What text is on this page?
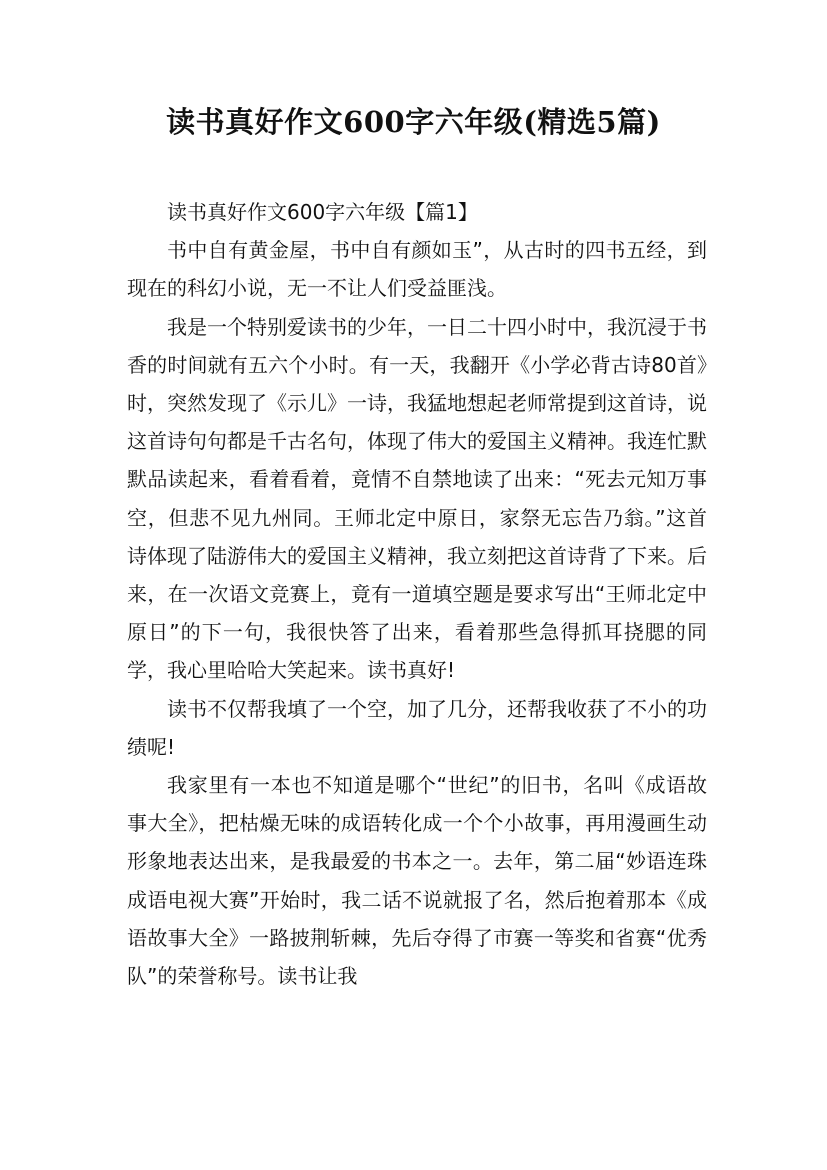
读书真好作文600字六年级(精选5篇)

读书真好作文600字六年级【篇1】

书中自有黄金屋，书中自有颜如玉”，从古时的四书五经，到现在的科幻小说，无一不让人们受益匪浅。

我是一个特别爱读书的少年，一日二十四小时中，我沉浸于书香的时间就有五六个小时。有一天，我翻开《小学必背古诗80首》时，突然发现了《示儿》一诗，我猛地想起老师常提到这首诗，说这首诗句句都是千古名句，体现了伟大的爱国主义精神。我连忙默默品读起来，看着看着，竟情不自禁地读了出来：“死去元知万事空，但悲不见九州同。王师北定中原日，家祭无忘告乃翁。”这首诗体现了陆游伟大的爱国主义精神，我立刻把这首诗背了下来。后来，在一次语文竞赛上，竟有一道填空题是要求写出“王师北定中原日”的下一句，我很快答了出来，看着那些急得抓耳挠腮的同学，我心里哈哈大笑起来。读书真好!

读书不仅帮我填了一个空，加了几分，还帮我收获了不小的功绩呢!

我家里有一本也不知道是哪个“世纪”的旧书，名叫《成语故事大全》，把枯燥无味的成语转化成一个个小故事，再用漫画生动形象地表达出来，是我最爱的书本之一。去年，第二届“妙语连珠成语电视大赛”开始时，我二话不说就报了名，然后抱着那本《成语故事大全》一路披荆斩棘，先后夺得了市赛一等奖和省赛“优秀队”的荣誉称号。读书让我
